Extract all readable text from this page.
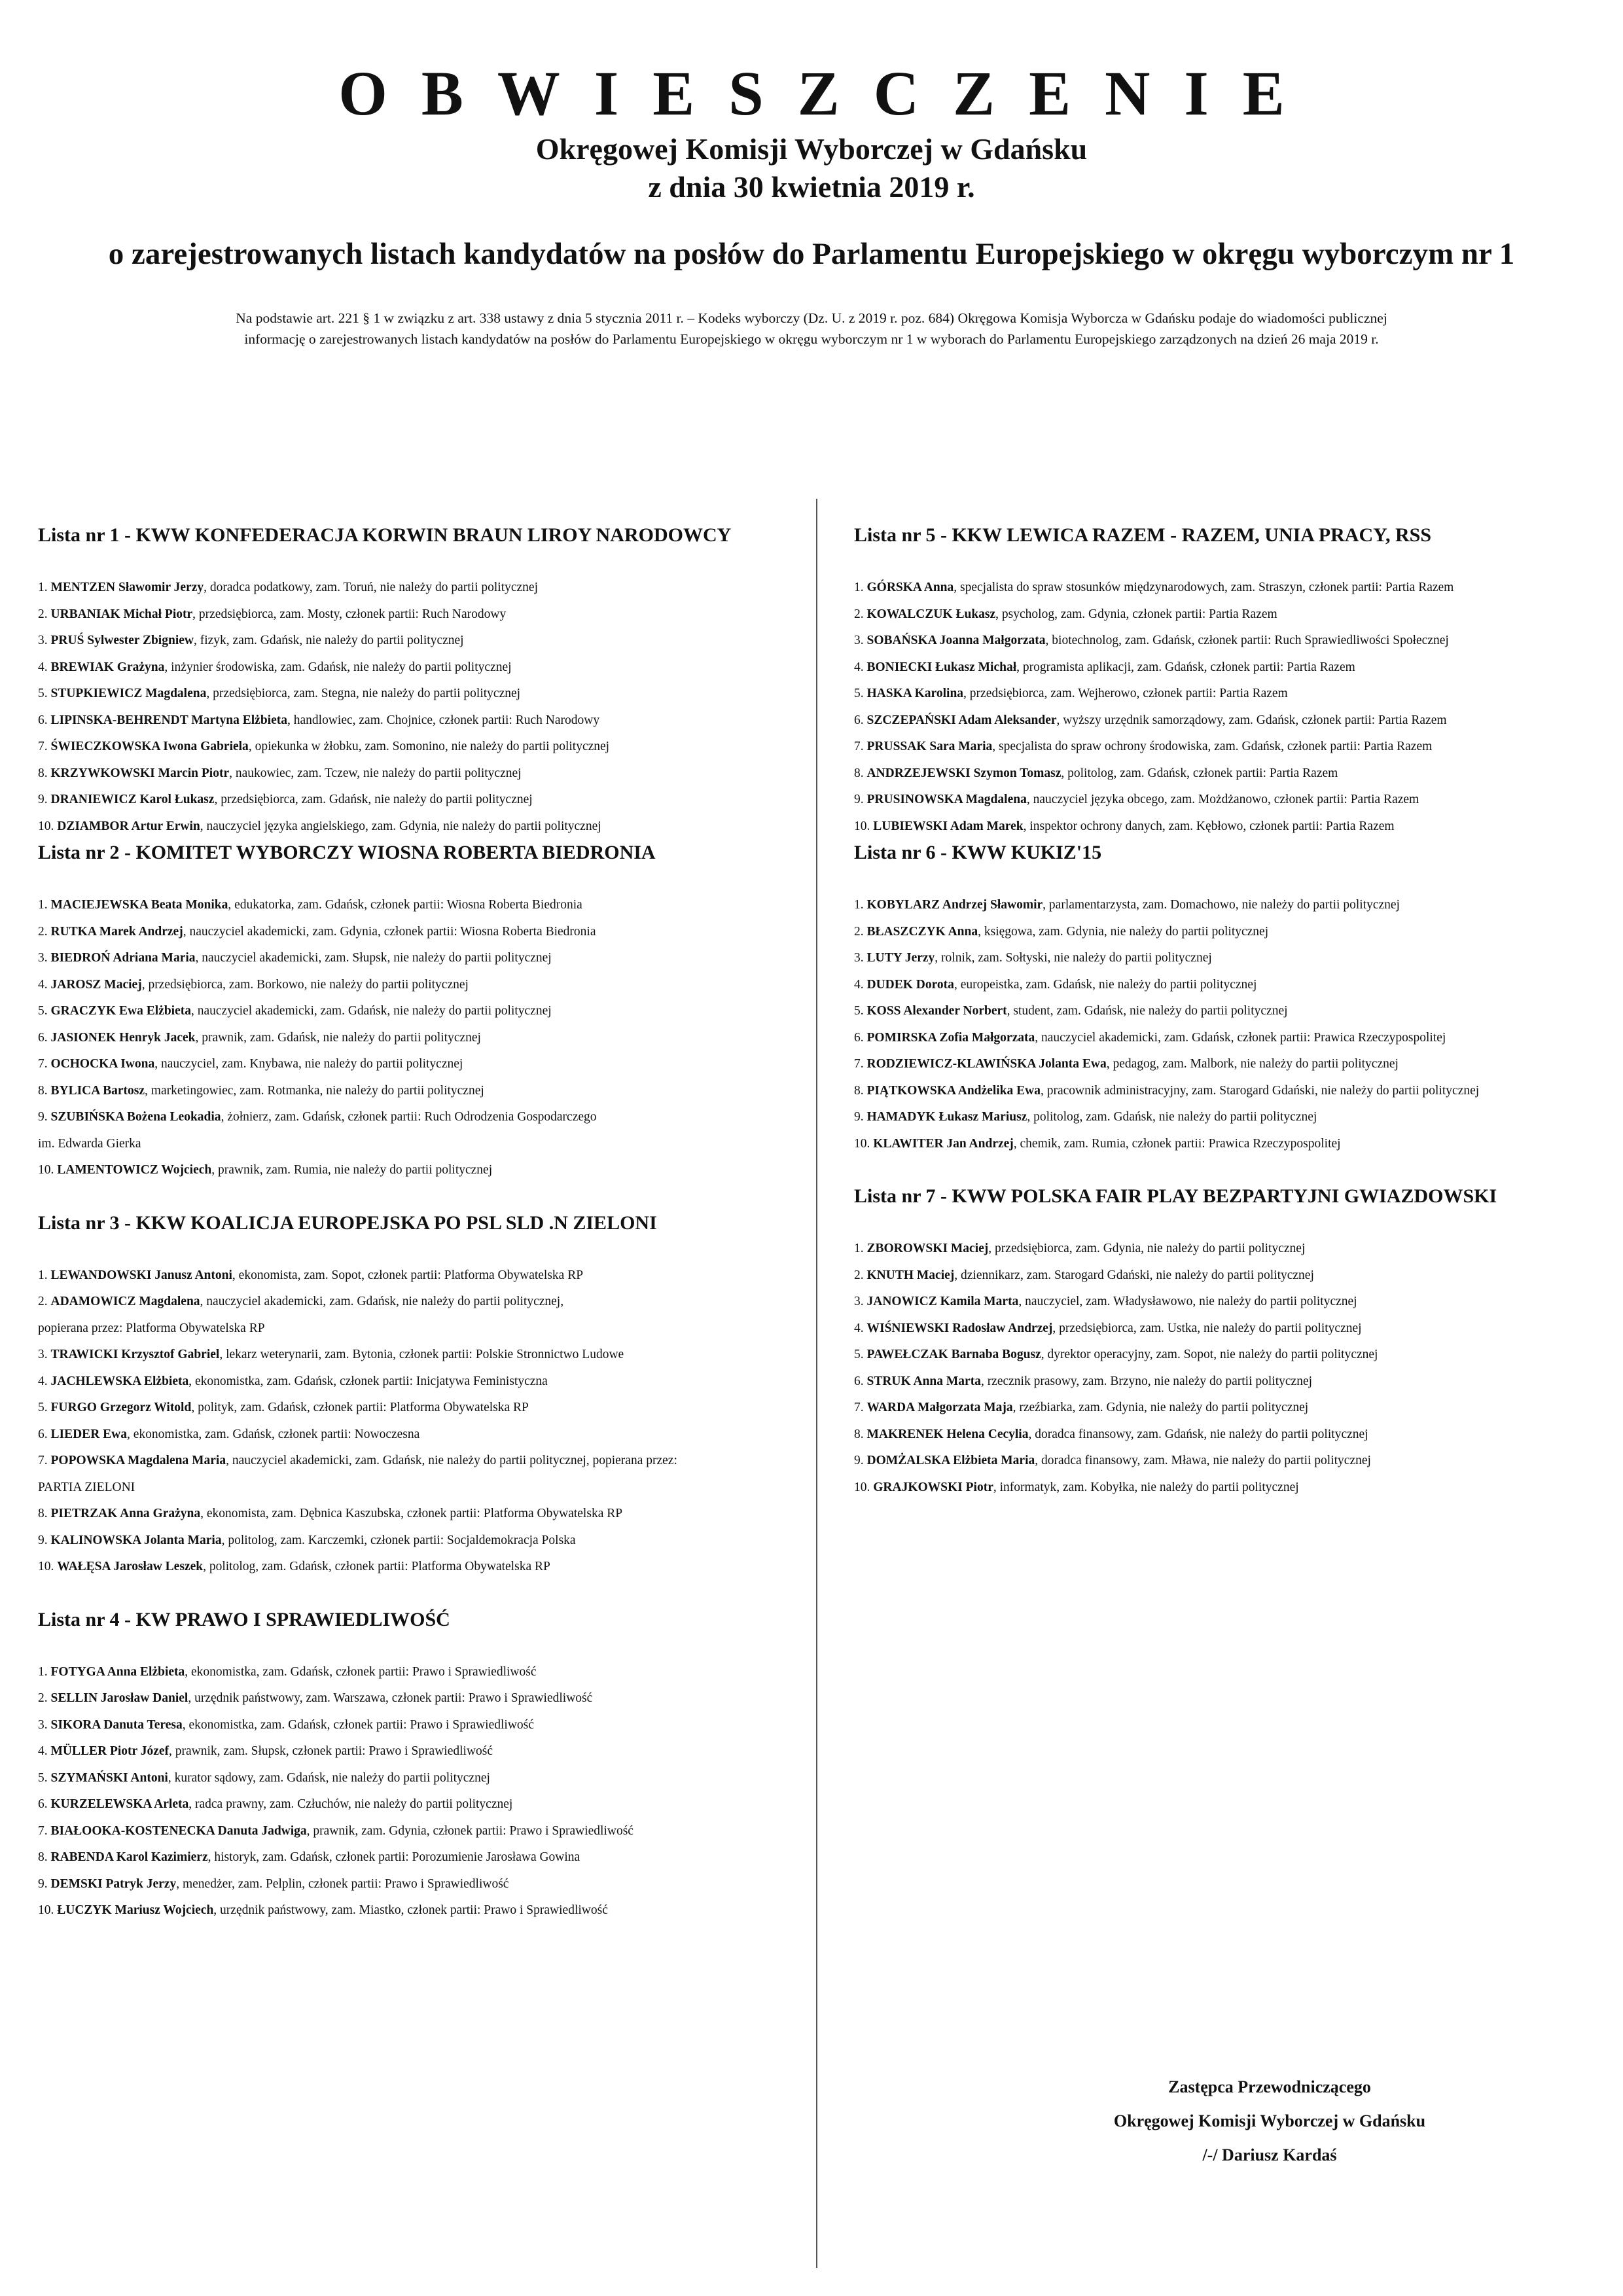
OBWIESZCZENIE
Okręgowej Komisji Wyborczej w Gdańsku
z dnia 30 kwietnia 2019 r.
o zarejestrowanych listach kandydatów na posłów do Parlamentu Europejskiego w okręgu wyborczym nr 1
Na podstawie art. 221 § 1 w związku z art. 338 ustawy z dnia 5 stycznia 2011 r. – Kodeks wyborczy (Dz. U. z 2019 r. poz. 684) Okręgowa Komisja Wyborcza w Gdańsku podaje do wiadomości publicznej
informację o zarejestrowanych listach kandydatów na posłów do Parlamentu Europejskiego w okręgu wyborczym nr 1 w wyborach do Parlamentu Europejskiego zarządzonych na dzień 26 maja 2019 r.
Lista nr 1 - KWW KONFEDERACJA KORWIN BRAUN LIROY NARODOWCY
1. MENTZEN Sławomir Jerzy, doradca podatkowy, zam. Toruń, nie należy do partii politycznej
2. URBANIAK Michał Piotr, przedsiębiorca, zam. Mosty, członek partii: Ruch Narodowy
3. PRUŚ Sylwester Zbigniew, fizyk, zam. Gdańsk, nie należy do partii politycznej
4. BREWIAK Grażyna, inżynier środowiska, zam. Gdańsk, nie należy do partii politycznej
5. STUPKIEWICZ Magdalena, przedsiębiorca, zam. Stegna, nie należy do partii politycznej
6. LIPINSKA-BEHRENDT Martyna Elżbieta, handlowiec, zam. Chojnice, członek partii: Ruch Narodowy
7. ŚWIECZKOWSKA Iwona Gabriela, opiekunka w żłobku, zam. Somonino, nie należy do partii politycznej
8. KRZYWKOWSKI Marcin Piotr, naukowiec, zam. Tczew, nie należy do partii politycznej
9. DRANIEWICZ Karol Łukasz, przedsiębiorca, zam. Gdańsk, nie należy do partii politycznej
10. DZIAMBOR Artur Erwin, nauczyciel języka angielskiego, zam. Gdynia, nie należy do partii politycznej
Lista nr 2 - KOMITET WYBORCZY WIOSNA ROBERTA BIEDRONIA
1. MACIEJEWSKA Beata Monika, edukatorka, zam. Gdańsk, członek partii: Wiosna Roberta Biedronia
2. RUTKA Marek Andrzej, nauczyciel akademicki, zam. Gdynia, członek partii: Wiosna Roberta Biedronia
3. BIEDROŃ Adriana Maria, nauczyciel akademicki, zam. Słupsk, nie należy do partii politycznej
4. JAROSZ Maciej, przedsiębiorca, zam. Borkowo, nie należy do partii politycznej
5. GRACZYK Ewa Elżbieta, nauczyciel akademicki, zam. Gdańsk, nie należy do partii politycznej
6. JASIONEK Henryk Jacek, prawnik, zam. Gdańsk, nie należy do partii politycznej
7. OCHOCKA Iwona, nauczyciel, zam. Knybawa, nie należy do partii politycznej
8. BYLICA Bartosz, marketingowiec, zam. Rotmanka, nie należy do partii politycznej
9. SZUBIŃSKA Bożena Leokadia, żołnierz, zam. Gdańsk, członek partii: Ruch Odrodzenia Gospodarczego
im. Edwarda Gierka
10. LAMENTOWICZ Wojciech, prawnik, zam. Rumia, nie należy do partii politycznej
Lista nr 3 - KKW KOALICJA EUROPEJSKA PO PSL SLD .N ZIELONI
1. LEWANDOWSKI Janusz Antoni, ekonomista, zam. Sopot, członek partii: Platforma Obywatelska RP
2. ADAMOWICZ Magdalena, nauczyciel akademicki, zam. Gdańsk, nie należy do partii politycznej,
popierana przez: Platforma Obywatelska RP
3. TRAWICKI Krzysztof Gabriel, lekarz weterynarii, zam. Bytonia, członek partii: Polskie Stronnictwo Ludowe
4. JACHLEWSKA Elżbieta, ekonomistka, zam. Gdańsk, członek partii: Inicjatywa Feministyczna
5. FURGO Grzegorz Witold, polityk, zam. Gdańsk, członek partii: Platforma Obywatelska RP
6. LIEDER Ewa, ekonomistka, zam. Gdańsk, członek partii: Nowoczesna
7. POPOWSKA Magdalena Maria, nauczyciel akademicki, zam. Gdańsk, nie należy do partii politycznej, popierana przez:
PARTIA ZIELONI
8. PIETRZAK Anna Grażyna, ekonomista, zam. Dębnica Kaszubska, członek partii: Platforma Obywatelska RP
9. KALINOWSKA Jolanta Maria, politolog, zam. Karczemki, członek partii: Socjaldemokracja Polska
10. WAŁĘSA Jarosław Leszek, politolog, zam. Gdańsk, członek partii: Platforma Obywatelska RP
Lista nr 4 - KW PRAWO I SPRAWIEDLIWOŚĆ
1. FOTYGA Anna Elżbieta, ekonomistka, zam. Gdańsk, członek partii: Prawo i Sprawiedliwość
2. SELLIN Jarosław Daniel, urzędnik państwowy, zam. Warszawa, członek partii: Prawo i Sprawiedliwość
3. SIKORA Danuta Teresa, ekonomistka, zam. Gdańsk, członek partii: Prawo i Sprawiedliwość
4. MÜLLER Piotr Józef, prawnik, zam. Słupsk, członek partii: Prawo i Sprawiedliwość
5. SZYMAŃSKI Antoni, kurator sądowy, zam. Gdańsk, nie należy do partii politycznej
6. KURZELEWSKA Arleta, radca prawny, zam. Człuchów, nie należy do partii politycznej
7. BIAŁOOKA-KOSTENECKA Danuta Jadwiga, prawnik, zam. Gdynia, członek partii: Prawo i Sprawiedliwość
8. RABENDA Karol Kazimierz, historyk, zam. Gdańsk, członek partii: Porozumienie Jarosława Gowina
9. DEMSKI Patryk Jerzy, menedżer, zam. Pelplin, członek partii: Prawo i Sprawiedliwość
10. ŁUCZYK Mariusz Wojciech, urzędnik państwowy, zam. Miastko, członek partii: Prawo i Sprawiedliwość
Lista nr 5 - KKW LEWICA RAZEM - RAZEM, UNIA PRACY, RSS
1. GÓRSKA Anna, specjalista do spraw stosunków międzynarodowych, zam. Straszyn, członek partii: Partia Razem
2. KOWALCZUK Łukasz, psycholog, zam. Gdynia, członek partii: Partia Razem
3. SOBAŃSKA Joanna Małgorzata, biotechnolog, zam. Gdańsk, członek partii: Ruch Sprawiedliwości Społecznej
4. BONIECKI Łukasz Michał, programista aplikacji, zam. Gdańsk, członek partii: Partia Razem
5. HASKA Karolina, przedsiębiorca, zam. Wejherowo, członek partii: Partia Razem
6. SZCZEPAŃSKI Adam Aleksander, wyższy urzędnik samorządowy, zam. Gdańsk, członek partii: Partia Razem
7. PRUSSAK Sara Maria, specjalista do spraw ochrony środowiska, zam. Gdańsk, członek partii: Partia Razem
8. ANDRZEJEWSKI Szymon Tomasz, politolog, zam. Gdańsk, członek partii: Partia Razem
9. PRUSINOWSKA Magdalena, nauczyciel języka obcego, zam. Możdżanowo, członek partii: Partia Razem
10. LUBIEWSKI Adam Marek, inspektor ochrony danych, zam. Kębłowo, członek partii: Partia Razem
Lista nr 6 - KWW KUKIZ'15
1. KOBYLARZ Andrzej Sławomir, parlamentarzysta, zam. Domachowo, nie należy do partii politycznej
2. BŁASZCZYK Anna, księgowa, zam. Gdynia, nie należy do partii politycznej
3. LUTY Jerzy, rolnik, zam. Sołtyski, nie należy do partii politycznej
4. DUDEK Dorota, europeistka, zam. Gdańsk, nie należy do partii politycznej
5. KOSS Alexander Norbert, student, zam. Gdańsk, nie należy do partii politycznej
6. POMIRSKA Zofia Małgorzata, nauczyciel akademicki, zam. Gdańsk, członek partii: Prawica Rzeczypospolitej
7. RODZIEWICZ-KLAWIŃSKA Jolanta Ewa, pedagog, zam. Malbork, nie należy do partii politycznej
8. PIĄTKOWSKA Andżelika Ewa, pracownik administracyjny, zam. Starogard Gdański, nie należy do partii politycznej
9. HAMADYK Łukasz Mariusz, politolog, zam. Gdańsk, nie należy do partii politycznej
10. KLAWITER Jan Andrzej, chemik, zam. Rumia, członek partii: Prawica Rzeczypospolitej
Lista nr 7 - KWW POLSKA FAIR PLAY BEZPARTYJNI GWIAZDOWSKI
1. ZBOROWSKI Maciej, przedsiębiorca, zam. Gdynia, nie należy do partii politycznej
2. KNUTH Maciej, dziennikarz, zam. Starogard Gdański, nie należy do partii politycznej
3. JANOWICZ Kamila Marta, nauczyciel, zam. Władysławowo, nie należy do partii politycznej
4. WIŚNIEWSKI Radosław Andrzej, przedsiębiorca, zam. Ustka, nie należy do partii politycznej
5. PAWEŁCZAK Barnaba Bogusz, dyrektor operacyjny, zam. Sopot, nie należy do partii politycznej
6. STRUK Anna Marta, rzecznik prasowy, zam. Brzyno, nie należy do partii politycznej
7. WARDA Małgorzata Maja, rzeźbiarka, zam. Gdynia, nie należy do partii politycznej
8. MAKRENEK Helena Cecylia, doradca finansowy, zam. Gdańsk, nie należy do partii politycznej
9. DOMŻALSKA Elżbieta Maria, doradca finansowy, zam. Mława, nie należy do partii politycznej
10. GRAJKOWSKI Piotr, informatyk, zam. Kobyłka, nie należy do partii politycznej
Zastępca Przewodniczącego
Okręgowej Komisji Wyborczej w Gdańsku
/-/ Dariusz Kardaś
